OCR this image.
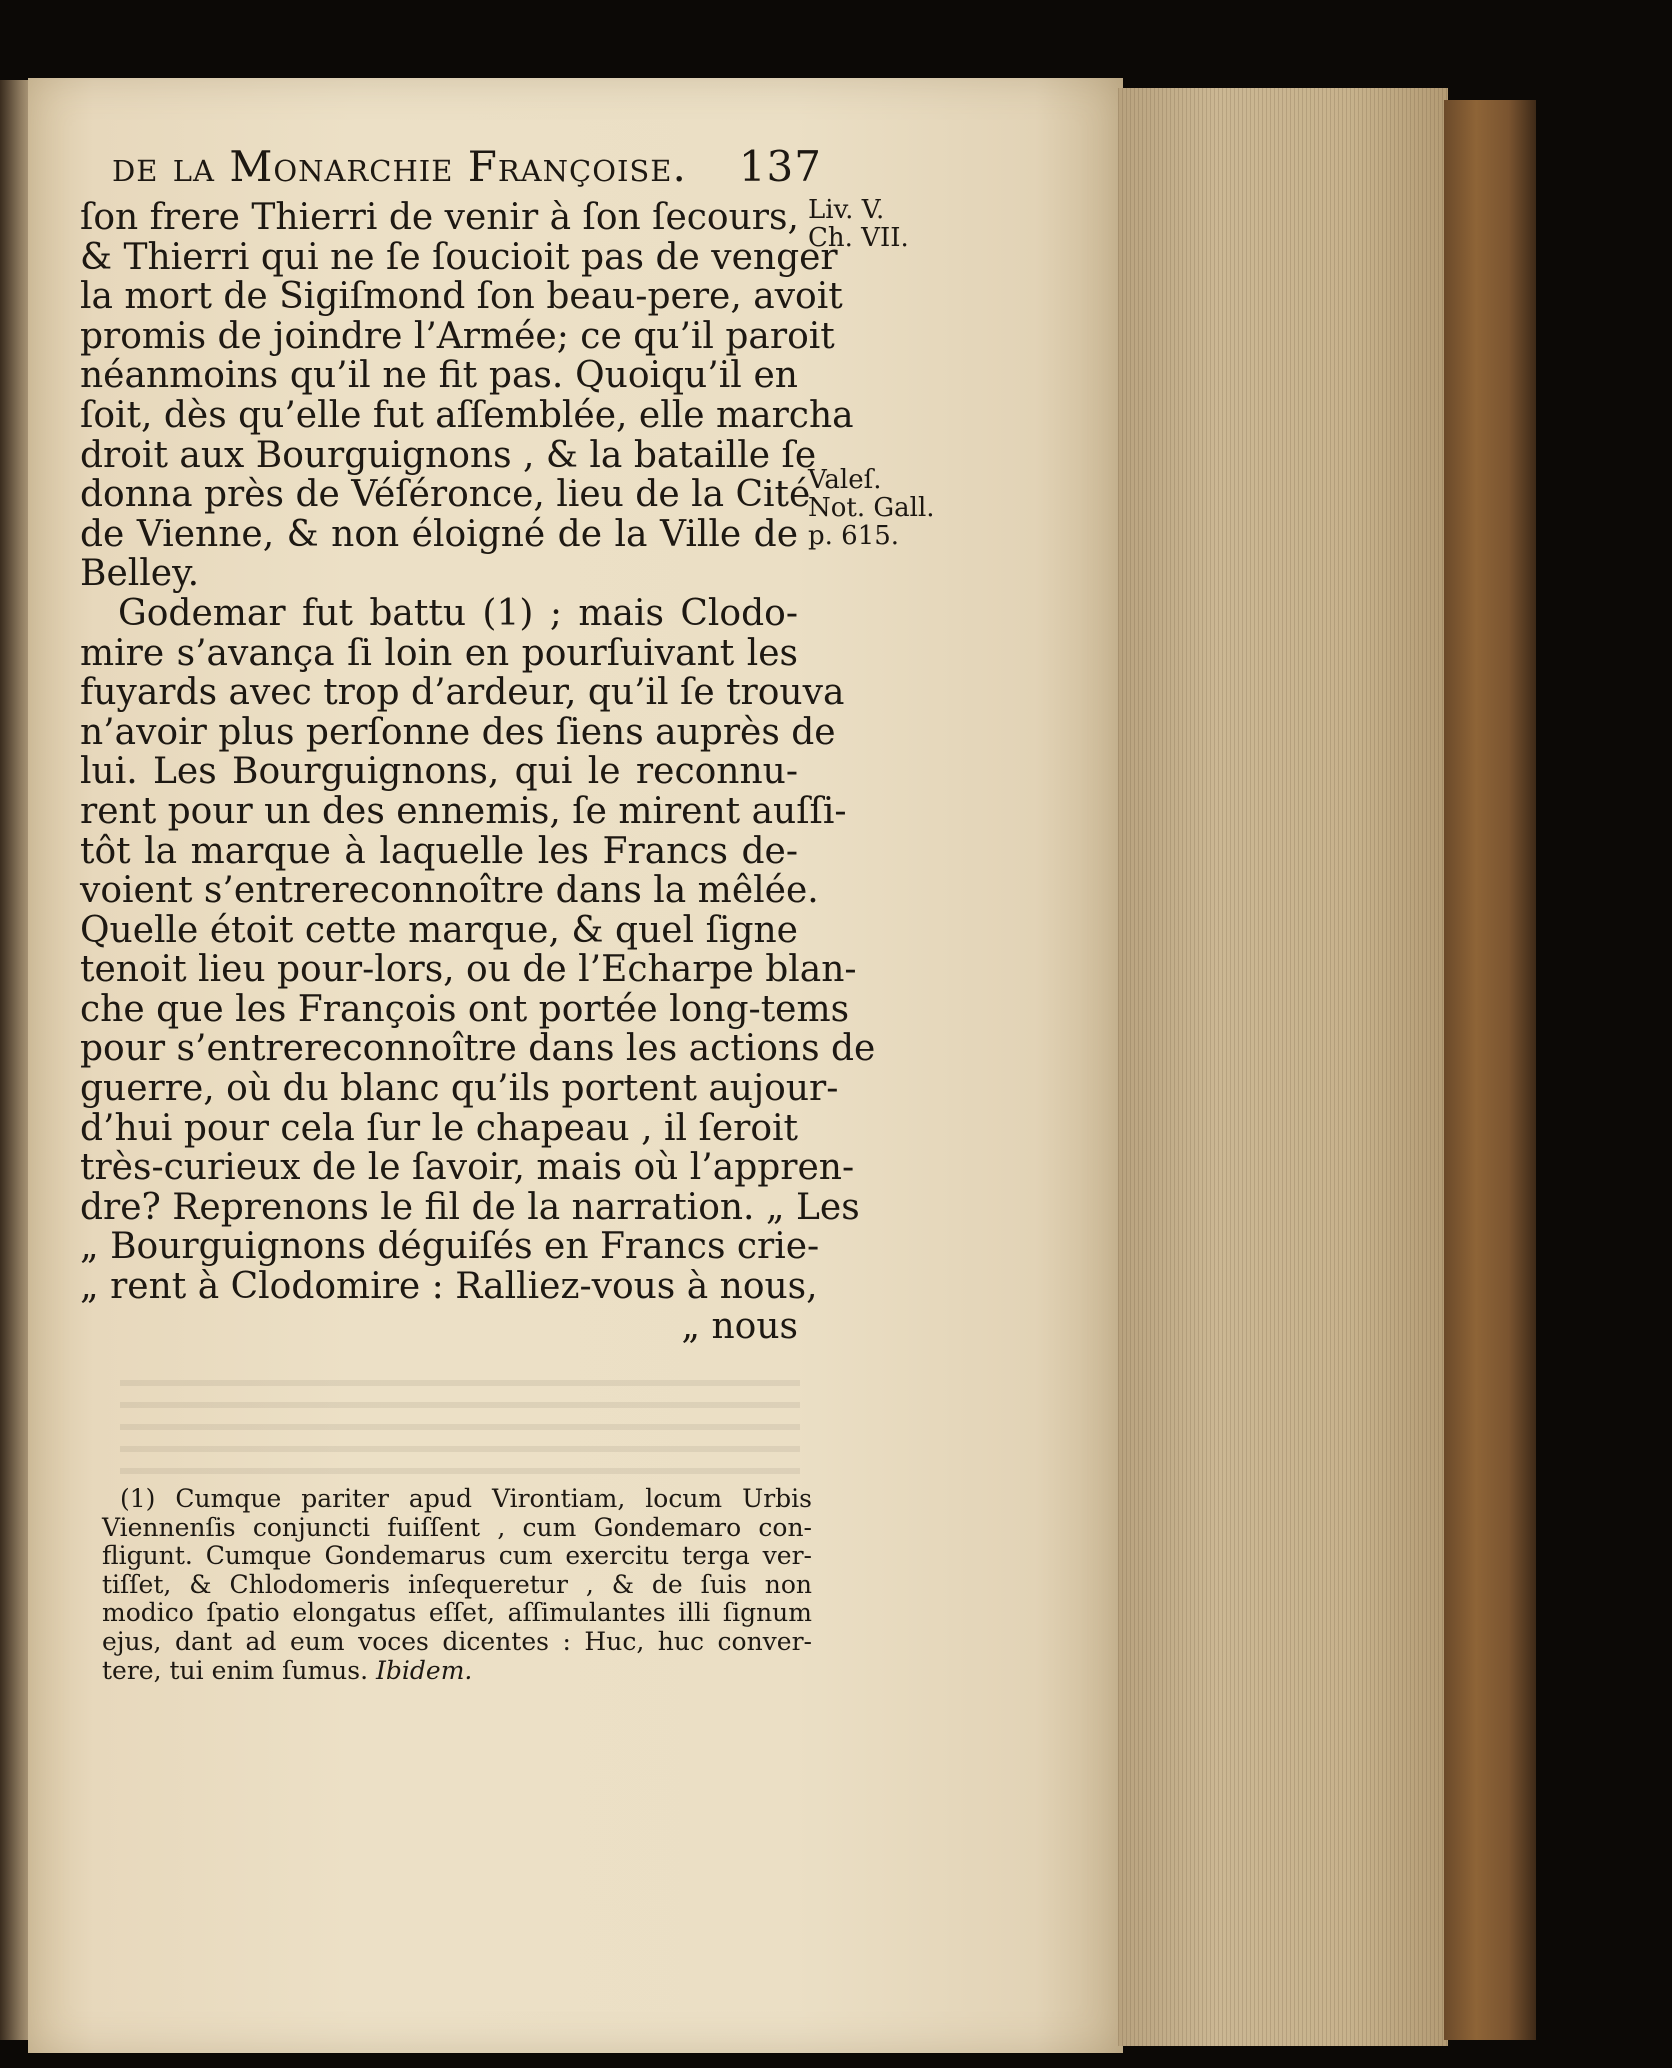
de la Monarchie Françoise. 137
Liv. V.
Ch. VII.
Valeſ.
Not. Gall.
p. 615.
ſon frere Thierri de venir à ſon ſecours,
& Thierri qui ne ſe ſoucioit pas de venger
la mort de Sigiſmond ſon beau-pere, avoit
promis de joindre l’Armée; ce qu’il paroit
néanmoins qu’il ne fit pas. Quoiqu’il en
ſoit, dès qu’elle fut aſſemblée, elle marcha
droit aux Bourguignons , & la bataille ſe
donna près de Véſéronce, lieu de la Cité
de Vienne, & non éloigné de la Ville de
Belley.
Godemar fut battu (1) ; mais Clodo-
mire s’avança ſi loin en pourſuivant les
fuyards avec trop d’ardeur, qu’il ſe trouva
n’avoir plus perſonne des ſiens auprès de
lui. Les Bourguignons, qui le reconnu-
rent pour un des ennemis, ſe mirent auſſi-
tôt la marque à laquelle les Francs de-
voient s’entrereconnoître dans la mêlée.
Quelle étoit cette marque, & quel ſigne
tenoit lieu pour-lors, ou de l’Echarpe blan-
che que les François ont portée long-tems
pour s’entrereconnoître dans les actions de
guerre, où du blanc qu’ils portent aujour-
d’hui pour cela ſur le chapeau , il ſeroit
très-curieux de le ſavoir, mais où l’appren-
dre? Reprenons le fil de la narration. „ Les
„ Bourguignons déguiſés en Francs crie-
„ rent à Clodomire : Ralliez-vous à nous,
„ nous
(1) Cumque pariter apud Virontiam, locum Urbis
Viennenſis conjuncti fuiſſent , cum Gondemaro con-
fligunt. Cumque Gondemarus cum exercitu terga ver-
tiſſet, & Chlodomeris inſequeretur , & de ſuis non
modico ſpatio elongatus eſſet, aſſimulantes illi ſignum
ejus, dant ad eum voces dicentes : Huc, huc conver-
tere, tui enim ſumus. Ibidem.
